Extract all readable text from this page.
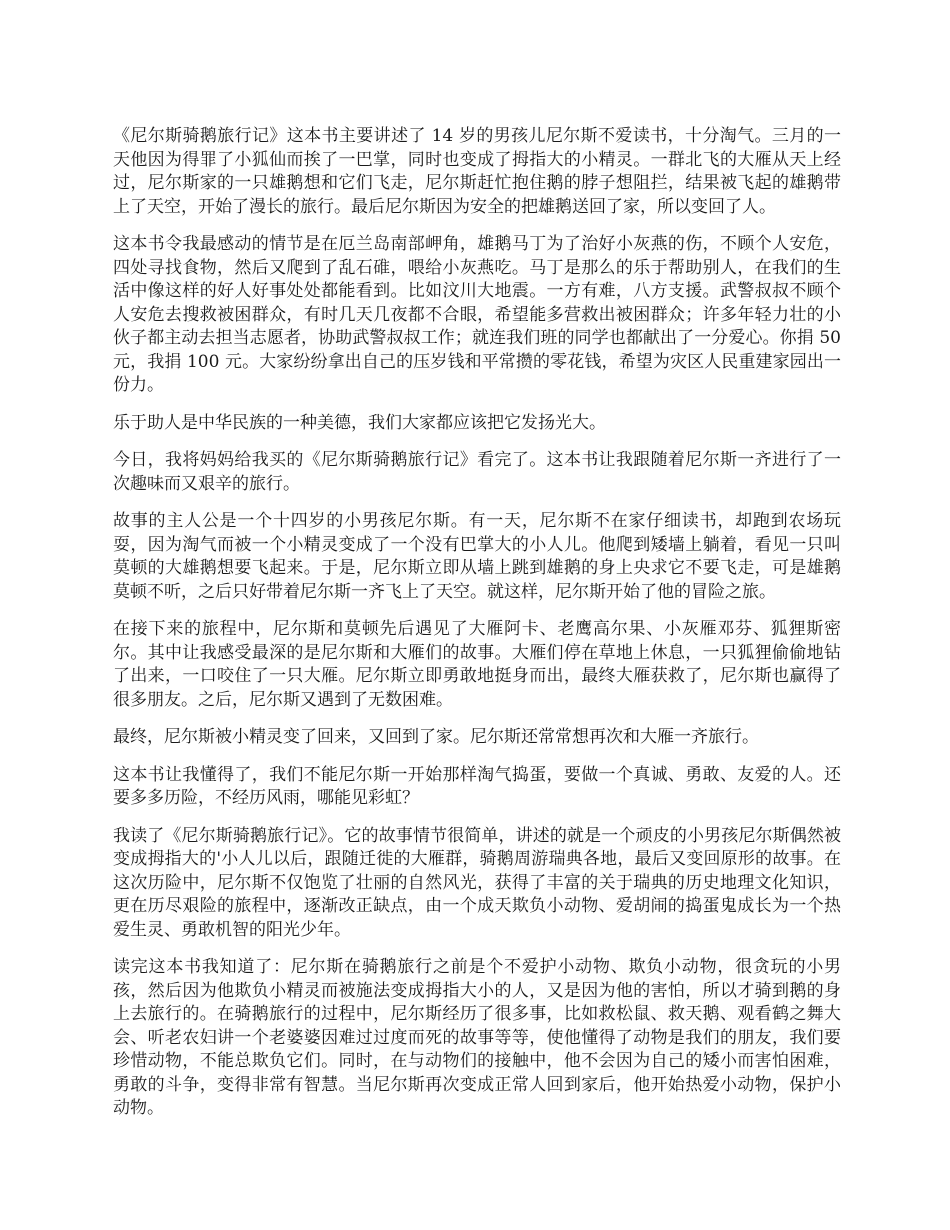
《尼尔斯骑鹅旅行记》这本书主要讲述了 14 岁的男孩儿尼尔斯不爱读书，十分淘气。三月的一天他因为得罪了小狐仙而挨了一巴掌，同时也变成了拇指大的小精灵。一群北飞的大雁从天上经过，尼尔斯家的一只雄鹅想和它们飞走，尼尔斯赶忙抱住鹅的脖子想阻拦，结果被飞起的雄鹅带上了天空，开始了漫长的旅行。最后尼尔斯因为安全的把雄鹅送回了家，所以变回了人。

这本书令我最感动的情节是在厄兰岛南部岬角，雄鹅马丁为了治好小灰燕的伤，不顾个人安危，四处寻找食物，然后又爬到了乱石碓，喂给小灰燕吃。马丁是那么的乐于帮助别人，在我们的生活中像这样的好人好事处处都能看到。比如汶川大地震。一方有难，八方支援。武警叔叔不顾个人安危去搜救被困群众，有时几天几夜都不合眼，希望能多营救出被困群众；许多年轻力壮的小伙子都主动去担当志愿者，协助武警叔叔工作；就连我们班的同学也都献出了一分爱心。你捐 50 元，我捐 100 元。大家纷纷拿出自己的压岁钱和平常攒的零花钱，希望为灾区人民重建家园出一份力。

乐于助人是中华民族的一种美德，我们大家都应该把它发扬光大。

今日，我将妈妈给我买的《尼尔斯骑鹅旅行记》看完了。这本书让我跟随着尼尔斯一齐进行了一次趣味而又艰辛的旅行。

故事的主人公是一个十四岁的小男孩尼尔斯。有一天，尼尔斯不在家仔细读书，却跑到农场玩耍，因为淘气而被一个小精灵变成了一个没有巴掌大的小人儿。他爬到矮墙上躺着，看见一只叫莫顿的大雄鹅想要飞起来。于是，尼尔斯立即从墙上跳到雄鹅的身上央求它不要飞走，可是雄鹅莫顿不听，之后只好带着尼尔斯一齐飞上了天空。就这样，尼尔斯开始了他的冒险之旅。

在接下来的旅程中，尼尔斯和莫顿先后遇见了大雁阿卡、老鹰高尔果、小灰雁邓芬、狐狸斯密尔。其中让我感受最深的是尼尔斯和大雁们的故事。大雁们停在草地上休息，一只狐狸偷偷地钻了出来，一口咬住了一只大雁。尼尔斯立即勇敢地挺身而出，最终大雁获救了，尼尔斯也赢得了很多朋友。之后，尼尔斯又遇到了无数困难。

最终，尼尔斯被小精灵变了回来，又回到了家。尼尔斯还常常想再次和大雁一齐旅行。

这本书让我懂得了，我们不能尼尔斯一开始那样淘气捣蛋，要做一个真诚、勇敢、友爱的人。还要多多历险，不经历风雨，哪能见彩虹？

我读了《尼尔斯骑鹅旅行记》。它的故事情节很简单，讲述的就是一个顽皮的小男孩尼尔斯偶然被变成拇指大的'小人儿以后，跟随迁徙的大雁群，骑鹅周游瑞典各地，最后又变回原形的故事。在这次历险中，尼尔斯不仅饱览了壮丽的自然风光，获得了丰富的关于瑞典的历史地理文化知识，更在历尽艰险的旅程中，逐渐改正缺点，由一个成天欺负小动物、爱胡闹的捣蛋鬼成长为一个热爱生灵、勇敢机智的阳光少年。

读完这本书我知道了：尼尔斯在骑鹅旅行之前是个不爱护小动物、欺负小动物，很贪玩的小男孩，然后因为他欺负小精灵而被施法变成拇指大小的人，又是因为他的害怕，所以才骑到鹅的身上去旅行的。在骑鹅旅行的过程中，尼尔斯经历了很多事，比如救松鼠、救天鹅、观看鹤之舞大会、听老农妇讲一个老婆婆因难过过度而死的故事等等，使他懂得了动物是我们的朋友，我们要珍惜动物，不能总欺负它们。同时，在与动物们的接触中，他不会因为自己的矮小而害怕困难，勇敢的斗争，变得非常有智慧。当尼尔斯再次变成正常人回到家后，他开始热爱小动物，保护小动物。
